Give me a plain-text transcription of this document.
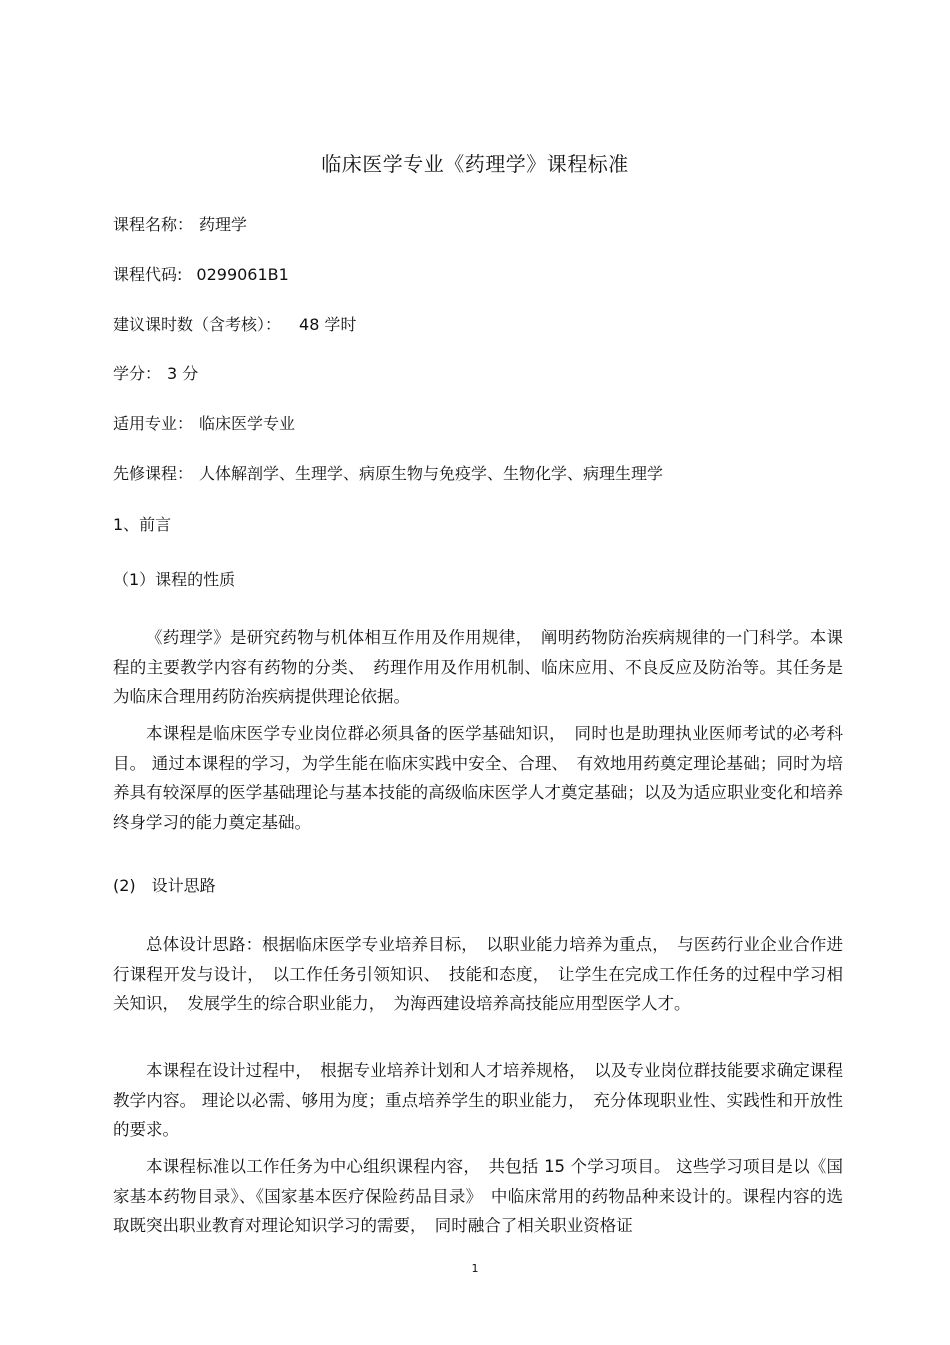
临床医学专业《药理学》课程标准
课程名称： 药理学
课程代码: 0299061B1
建议课时数（含考核）： 48 学时
学分： 3 分
适用专业： 临床医学专业
先修课程： 人体解剖学、生理学、病原生物与免疫学、生物化学、病理生理学
1、前言
（1）课程的性质
《药理学》是研究药物与机体相互作用及作用规律，　阐明药物防治疾病规律的一门科学。本课程的主要教学内容有药物的分类、　药理作用及作用机制、临床应用、不良反应及防治等。其任务是为临床合理用药防治疾病提供理论依据。
本课程是临床医学专业岗位群必须具备的医学基础知识，　同时也是助理执业医师考试的必考科目。 通过本课程的学习，为学生能在临床实践中安全、合理、　有效地用药奠定理论基础；同时为培养具有较深厚的医学基础理论与基本技能的高级临床医学人才奠定基础；以及为适应职业变化和培养终身学习的能力奠定基础。
(2)　设计思路
总体设计思路：根据临床医学专业培养目标，　以职业能力培养为重点，　与医药行业企业合作进行课程开发与设计，　以工作任务引领知识、　技能和态度，　让学生在完成工作任务的过程中学习相关知识，　发展学生的综合职业能力，　为海西建设培养高技能应用型医学人才。
本课程在设计过程中，　根据专业培养计划和人才培养规格，　以及专业岗位群技能要求确定课程教学内容。 理论以必需、够用为度；重点培养学生的职业能力，　充分体现职业性、实践性和开放性的要求。
本课程标准以工作任务为中心组织课程内容，　共包括 15 个学习项目。 这些学习项目是以《国家基本药物目录》、《国家基本医疗保险药品目录》　中临床常用的药物品种来设计的。课程内容的选取既突出职业教育对理论知识学习的需要，　同时融合了相关职业资格证
1
